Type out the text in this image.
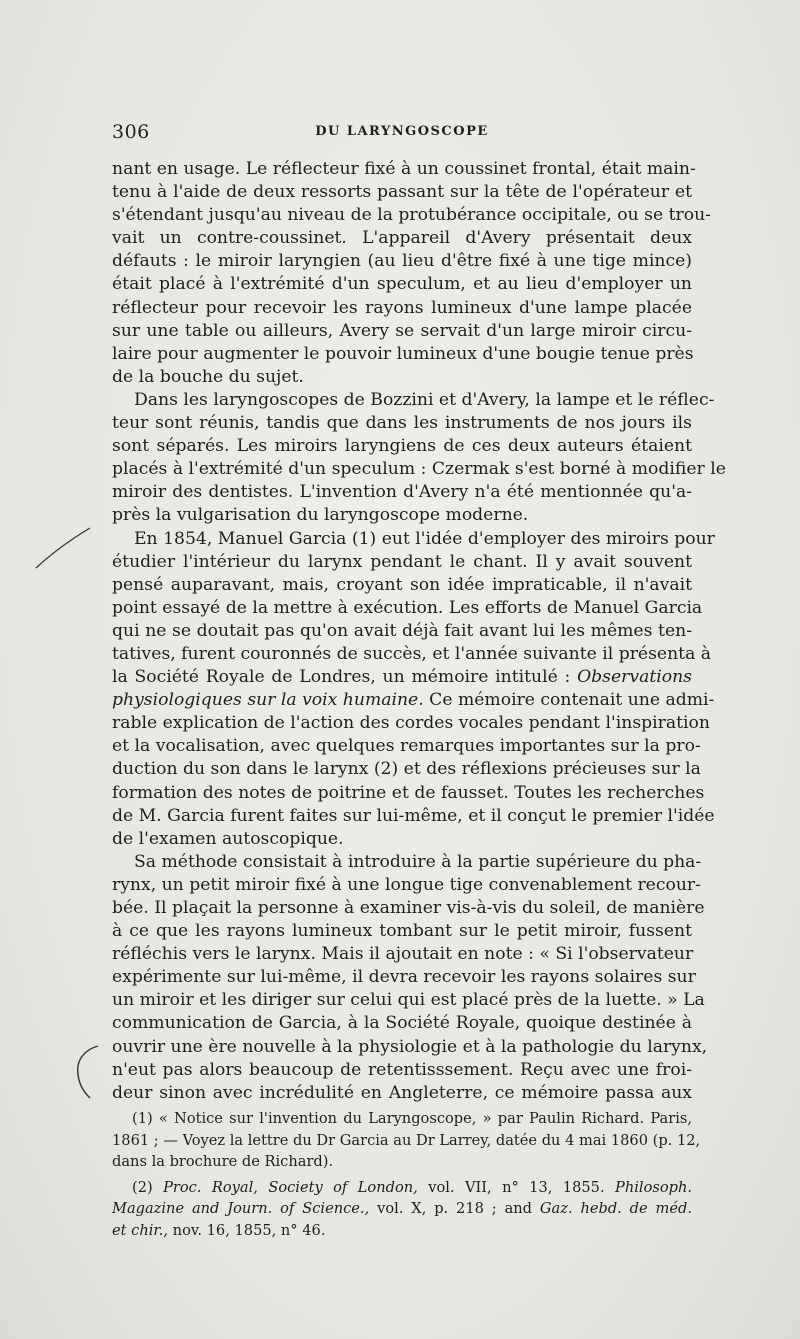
306	DU LARYNGOSCOPE

nant en usage. Le réflecteur fixé à un coussinet frontal, était main-
tenu à l'aide de deux ressorts passant sur la tête de l'opérateur et
s'étendant jusqu'au niveau de la protubérance occipitale, ou se trou-
vait un contre-coussinet. L'appareil d'Avery présentait deux
défauts : le miroir laryngien (au lieu d'être fixé à une tige mince)
était placé à l'extrémité d'un speculum, et au lieu d'employer un
réflecteur pour recevoir les rayons lumineux d'une lampe placée
sur une table ou ailleurs, Avery se servait d'un large miroir circu-
laire pour augmenter le pouvoir lumineux d'une bougie tenue près
de la bouche du sujet.

Dans les laryngoscopes de Bozzini et d'Avery, la lampe et le réflec-
teur sont réunis, tandis que dans les instruments de nos jours ils
sont séparés. Les miroirs laryngiens de ces deux auteurs étaient
placés à l'extrémité d'un speculum : Czermak s'est borné à modifier le
miroir des dentistes. L'invention d'Avery n'a été mentionnée qu'a-
près la vulgarisation du laryngoscope moderne.

En 1854, Manuel Garcia (1) eut l'idée d'employer des miroirs pour
étudier l'intérieur du larynx pendant le chant. Il y avait souvent
pensé auparavant, mais, croyant son idée impraticable, il n'avait
point essayé de la mettre à exécution. Les efforts de Manuel Garcia
qui ne se doutait pas qu'on avait déjà fait avant lui les mêmes ten-
tatives, furent couronnés de succès, et l'année suivante il présenta à
la Société Royale de Londres, un mémoire intitulé : Observations
physiologiques sur la voix humaine. Ce mémoire contenait une admi-
rable explication de l'action des cordes vocales pendant l'inspiration
et la vocalisation, avec quelques remarques importantes sur la pro-
duction du son dans le larynx (2) et des réflexions précieuses sur la
formation des notes de poitrine et de fausset. Toutes les recherches
de M. Garcia furent faites sur lui-même, et il conçut le premier l'idée
de l'examen autoscopique.

Sa méthode consistait à introduire à la partie supérieure du pha-
rynx, un petit miroir fixé à une longue tige convenablement recour-
bée. Il plaçait la personne à examiner vis-à-vis du soleil, de manière
à ce que les rayons lumineux tombant sur le petit miroir, fussent
réfléchis vers le larynx. Mais il ajoutait en note : « Si l'observateur
expérimente sur lui-même, il devra recevoir les rayons solaires sur
un miroir et les diriger sur celui qui est placé près de la luette. » La
communication de Garcia, à la Société Royale, quoique destinée à
ouvrir une ère nouvelle à la physiologie et à la pathologie du larynx,
n'eut pas alors beaucoup de retentisssement. Reçu avec une froi-
deur sinon avec incrédulité en Angleterre, ce mémoire passa aux

(1) « Notice sur l'invention du Laryngoscope, » par Paulin Richard. Paris,
1861 ; — Voyez la lettre du Dr Garcia au Dr Larrey, datée du 4 mai 1860 (p. 12,
dans la brochure de Richard).

(2) Proc. Royal, Society of London, vol. VII, n° 13, 1855. Philosoph.
Magazine and Journ. of Science., vol. X, p. 218 ; and Gaz. hebd. de méd.
et chir., nov. 16, 1855, n° 46.
